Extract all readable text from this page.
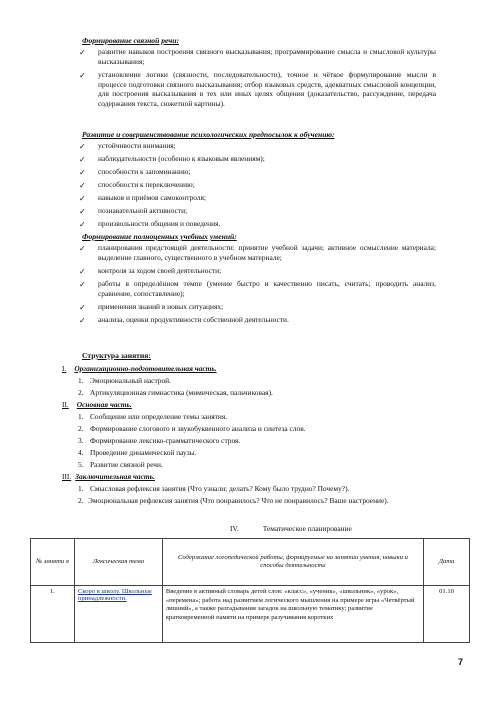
Формирование связной речи:
✓	развитие навыков построения связного высказывания; программирование смысла и смысловой культуры высказывания;
✓	установление логики (связности, последовательности), точное и чёткое формулирование мысли в процессе подготовки связного высказывания; отбор языковых средств, адекватных смысловой концепции, для построения высказывания в тех или иных целях общения (доказательство, рассуждение, передача содержания текста, сюжетной картины).
Развитие и совершенствование психологических предпосылок к обучению:
✓	устойчивости внимания;
✓	наблюдательности (особенно к языковым явлениям);
✓	способности к запоминанию;
✓	способности к переключению;
✓	навыков и приёмов самоконтроля;
✓	познавательной активности;
✓	произвольности общения и поведения.
Формирование полноценных учебных умений:
✓	планирования предстоящей деятельности: принятие учебной задачи; активное осмысление материала; выделение главного, существенного в учебном материале;
✓	контроля за ходом своей деятельности;
✓	работы в определённом темпе (умение быстро и качественно писать, считать; проводить анализ, сравнение, сопоставление);
✓	применения знаний в новых ситуациях;
✓	анализа, оценки продуктивности собственной деятельности.
Структура занятия:
I. Организационно-подготовительная часть.
1. Эмоциональный настрой.
2. Артикуляционная гимнастика (мимическая, пальчиковая).
II. Основная часть.
1. Сообщение или определение темы занятия.
2. Формирование слогового и звукобуквенного анализа и синтеза слов.
3. Формирование лексико-грамматического строя.
4. Проведение динамической паузы.
5. Развитие связной речи.
III. Заключительная часть.
1. Смысловая рефлексия занятия (Что узнали; делать? Кому было трудно? Почему?).
2. Эмоциональная рефлексия занятия (Что понравилось? Что не понравилось? Ваше настроение).
IV.	Тематическое планирование
№ заняти я	Лексическая тема	Содержание логопедической работы, формируемые на занятии умения, навыки и способы деятельности	Дата
1.	Скоро в школу. Школьные принадлежности.	Введение в активный словарь детей слов: «класс», «ученик», «школьник», «урок», «перемена»; работа над развитием логического мышления на примере игры «Четвёртый лишний», а также разгадывания загадок на школьную тематику; развитие кратковременной памяти на примере разучивания коротких	01.10
7
